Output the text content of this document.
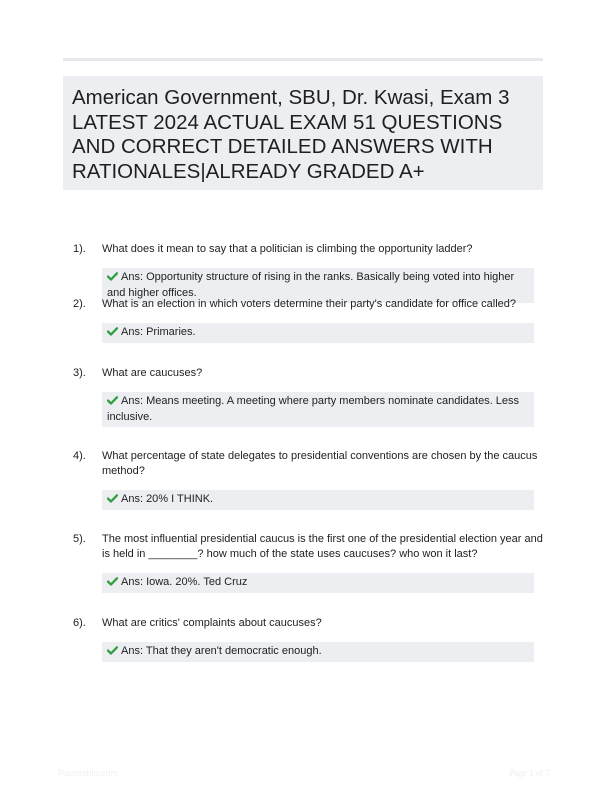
American Government, SBU, Dr. Kwasi, Exam 3 LATEST 2024 ACTUAL EXAM 51 QUESTIONS AND CORRECT DETAILED ANSWERS WITH RATIONALES|ALREADY GRADED A+
1). What does it mean to say that a politician is climbing the opportunity ladder?
Ans: Opportunity structure of rising in the ranks. Basically being voted into higher and higher offices.
2). What is an election in which voters determine their party's candidate for office called?
Ans: Primaries.
3). What are caucuses?
Ans: Means meeting. A meeting where party members nominate candidates. Less inclusive.
4). What percentage of state delegates to presidential conventions are chosen by the caucus method?
Ans: 20% I THINK.
5). The most influential presidential caucus is the first one of the presidential election year and is held in ________? how much of the state uses caucuses? who won it last?
Ans: Iowa. 20%. Ted Cruz
6). What are critics' complaints about caucuses?
Ans: That they aren't democratic enough.
Papersbio.com	Page 1 of 7
